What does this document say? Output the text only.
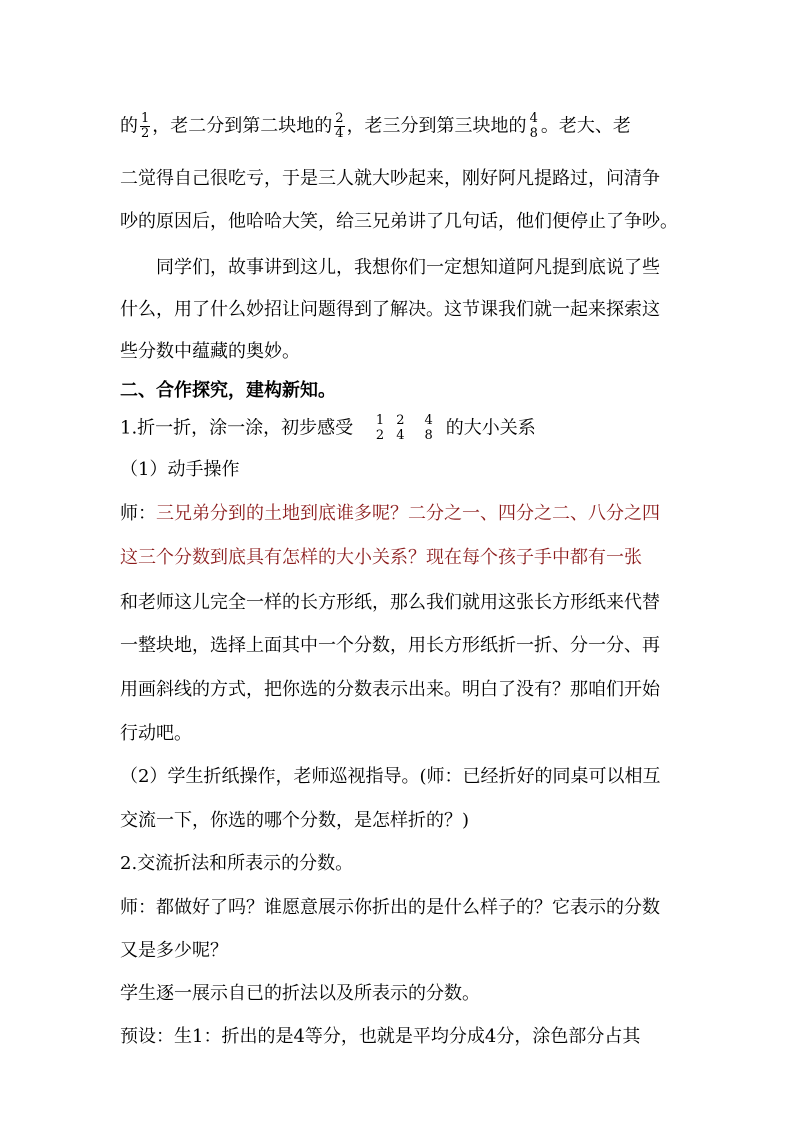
的 $\frac{1}{2}$ ，老二分到第二块地的 $\frac{2}{4}$ ，老三分到第三块地的 4
8 。老大、老
二觉得自己很吃亏，于是三人就大吵起来，刚好阿凡提路过，问清争
吵的原因后，他哈哈大笑，给三兄弟讲了几句话，他们便停止了争吵。
同学们，故事讲到这儿，我想你们一定想知道阿凡提到底说了些
什么，用了什么妙招让问题得到了解决。这节课我们就一起来探索这
些分数中蕴藏的奥妙。
二、合作探究，建构新知。
1.折一折，涂一涂，初步感受 1
2
2
4
4
8 的大小关系
（1）动手操作
师：三兄弟分到的土地到底谁多呢？二分之一、四分之二、八分之四
这三个分数到底具有怎样的大小关系？现在每个孩子手中都有一张
和老师这儿完全一样的长方形纸，那么我们就用这张长方形纸来代替
一整块地，选择上面其中一个分数，用长方形纸折一折、分一分、再
用画斜线的方式，把你选的分数表示出来。明白了没有？那咱们开始
行动吧。
（2）学生折纸操作，老师巡视指导。(师：已经折好的同桌可以相互
交流一下，你选的哪个分数，是怎样折的？)
2.交流折法和所表示的分数。
师：都做好了吗？谁愿意展示你折出的是什么样子的？它表示的分数
又是多少呢？
学生逐一展示自已的折法以及所表示的分数。
预设：生1：折出的是4等分，也就是平均分成4分，涂色部分占其
